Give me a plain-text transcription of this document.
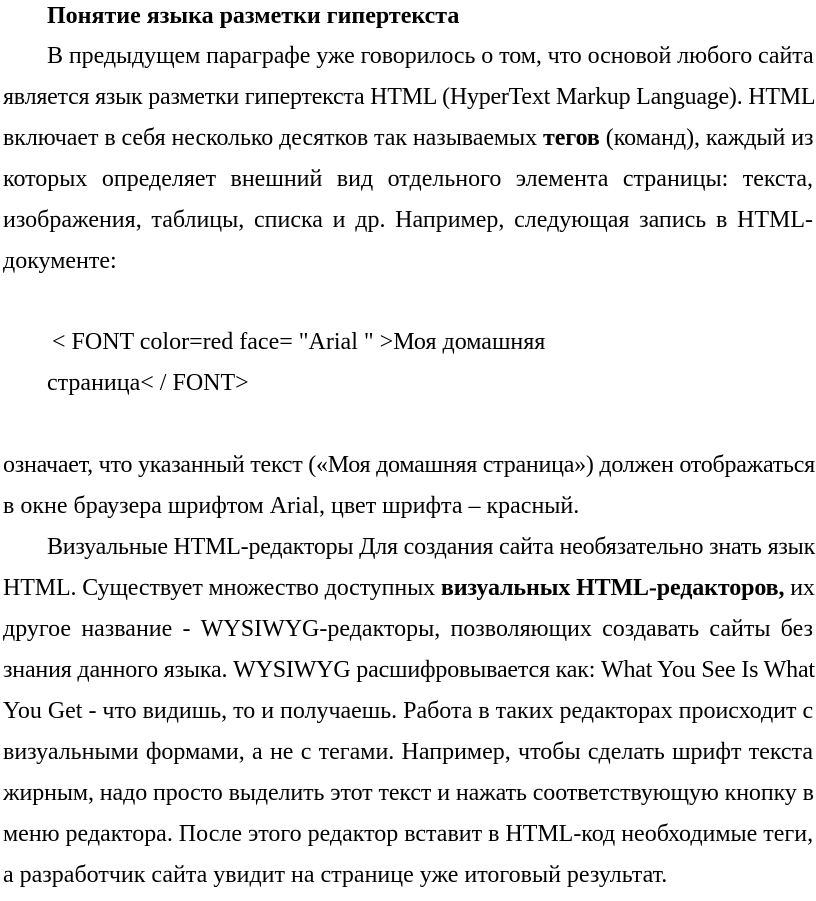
Понятие языка разметки гипертекста
В предыдущем параграфе уже говорилось о том, что основой любого сайта
является язык разметки гипертекста HTML (HyperText Markup Language). HTML
включает в себя несколько десятков так называемых тегов (команд), каждый из
которых определяет внешний вид отдельного элемента страницы: текста,
изображения, таблицы, списка и др. Например, следующая запись в HTML-
документе:
< FONT color=red face= "Arial " >Моя домашняя
страница< / FONT>
означает, что указанный текст («Моя домашняя страница») должен отображаться
в окне браузера шрифтом Arial, цвет шрифта – красный.
Визуальные HTML-редакторы Для создания сайта необязательно знать язык
HTML. Существует множество доступных визуальных HTML-редакторов, их
другое название - WYSIWYG-редакторы, позволяющих создавать сайты без
знания данного языка. WYSIWYG расшифровывается как: What You See Is What
You Get - что видишь, то и получаешь. Работа в таких редакторах происходит с
визуальными формами, а не с тегами. Например, чтобы сделать шрифт текста
жирным, надо просто выделить этот текст и нажать соответствующую кнопку в
меню редактора. После этого редактор вставит в HTML-код необходимые теги,
а разработчик сайта увидит на странице уже итоговый результат.
